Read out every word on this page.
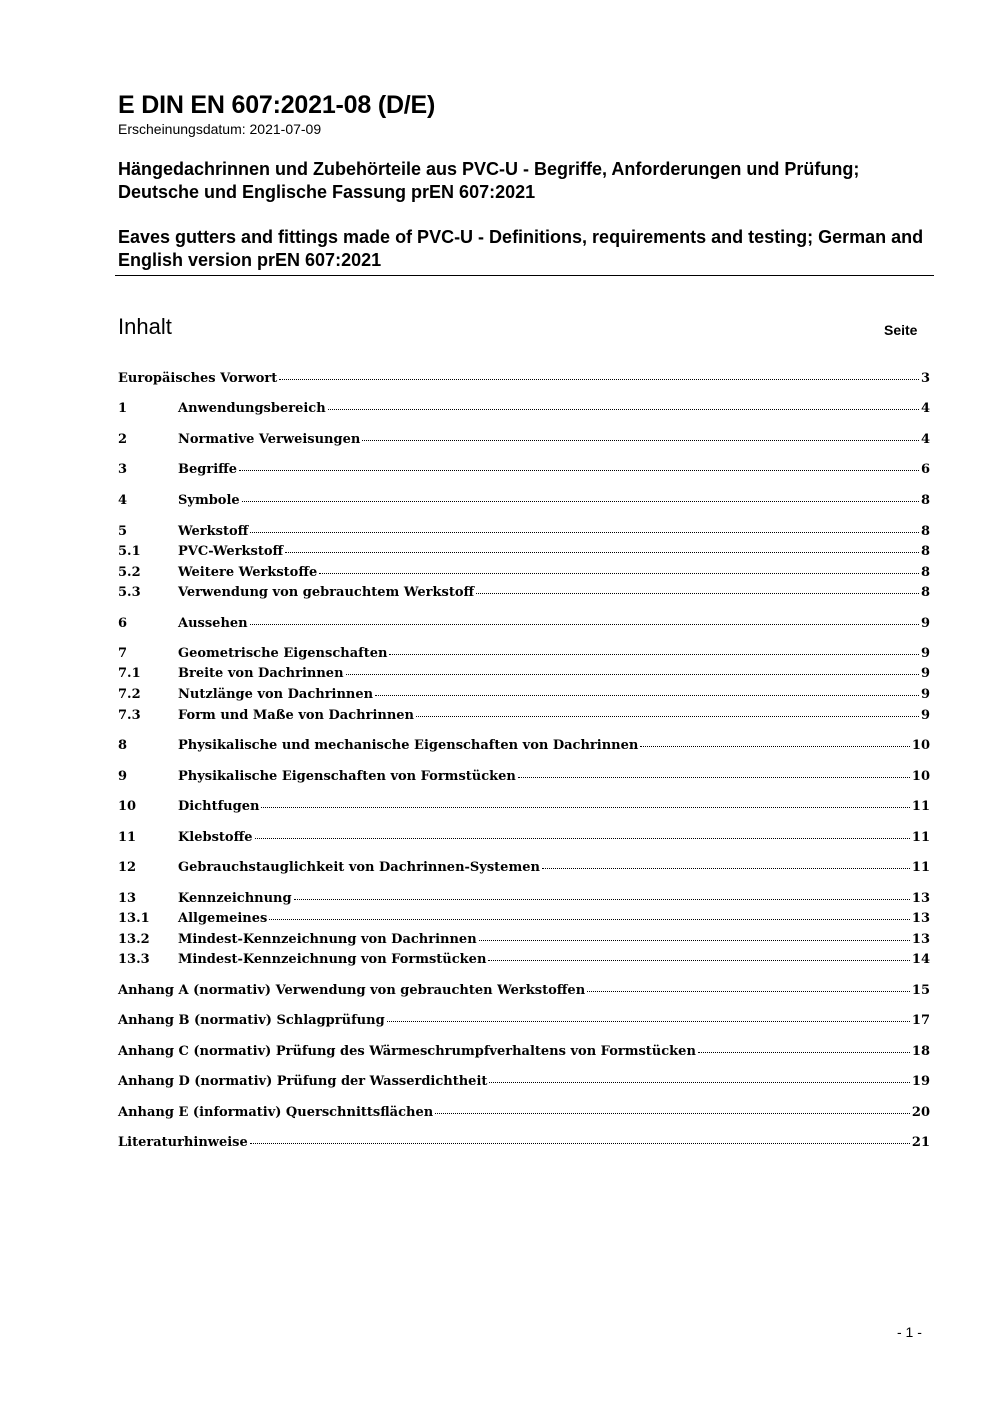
E DIN EN 607:2021-08 (D/E)

Erscheinungsdatum: 2021-07-09

Hängedachrinnen und Zubehörteile aus PVC-U - Begriffe, Anforderungen und Prüfung; Deutsche und Englische Fassung prEN 607:2021

Eaves gutters and fittings made of PVC-U - Definitions, requirements and testing; German and English version prEN 607:2021

Inhalt	Seite
Europäisches Vorwort	3
1	Anwendungsbereich	4
2	Normative Verweisungen	4
3	Begriffe	6
4	Symbole	8
5	Werkstoff	8
5.1	PVC-Werkstoff	8
5.2	Weitere Werkstoffe	8
5.3	Verwendung von gebrauchtem Werkstoff	8
6	Aussehen	9
7	Geometrische Eigenschaften	9
7.1	Breite von Dachrinnen	9
7.2	Nutzlänge von Dachrinnen	9
7.3	Form und Maße von Dachrinnen	9
8	Physikalische und mechanische Eigenschaften von Dachrinnen	10
9	Physikalische Eigenschaften von Formstücken	10
10	Dichtfugen	11
11	Klebstoffe	11
12	Gebrauchstauglichkeit von Dachrinnen-Systemen	11
13	Kennzeichnung	13
13.1	Allgemeines	13
13.2	Mindest-Kennzeichnung von Dachrinnen	13
13.3	Mindest-Kennzeichnung von Formstücken	14
Anhang A (normativ) Verwendung von gebrauchten Werkstoffen	15
Anhang B (normativ) Schlagprüfung	17
Anhang C (normativ) Prüfung des Wärmeschrumpfverhaltens von Formstücken	18
Anhang D (normativ) Prüfung der Wasserdichtheit	19
Anhang E (informativ) Querschnittsflächen	20
Literaturhinweise	21
- 1 -
